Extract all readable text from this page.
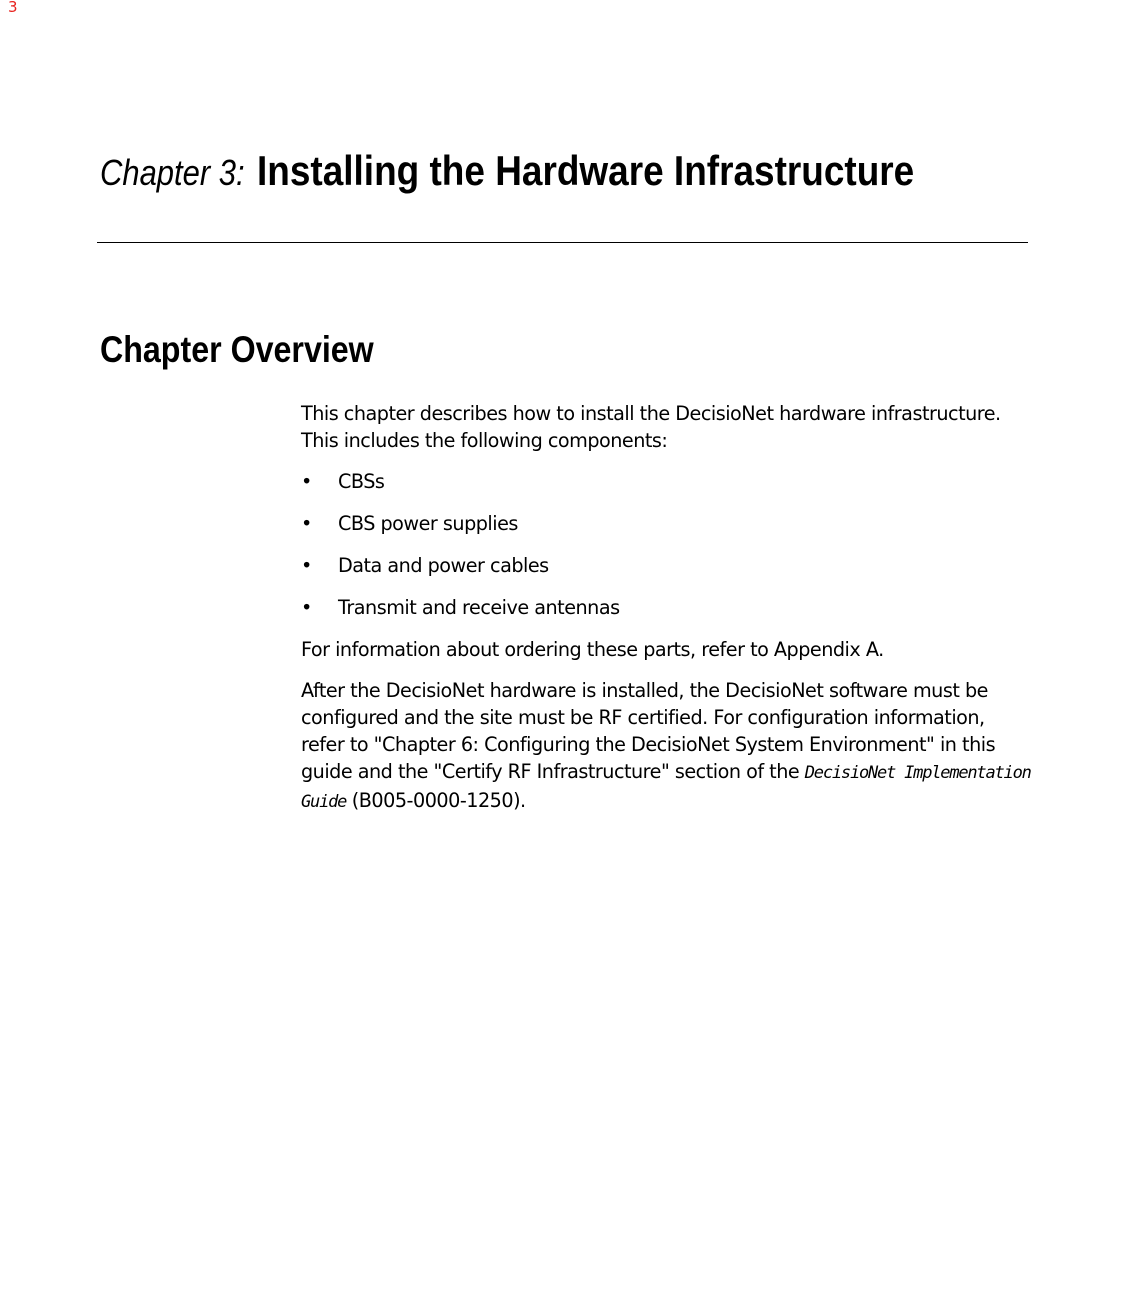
3
Chapter 3: Installing the Hardware Infrastructure
Chapter Overview

This chapter describes how to install the DecisioNet hardware infrastructure. This includes the following components:

• CBSs
• CBS power supplies
• Data and power cables
• Transmit and receive antennas

For information about ordering these parts, refer to Appendix A.

After the DecisioNet hardware is installed, the DecisioNet software must be configured and the site must be RF certified. For configuration information, refer to "Chapter 6: Configuring the DecisioNet System Environment" in this guide and the "Certify RF Infrastructure" section of the DecisioNet Implementation Guide (B005-0000-1250).
